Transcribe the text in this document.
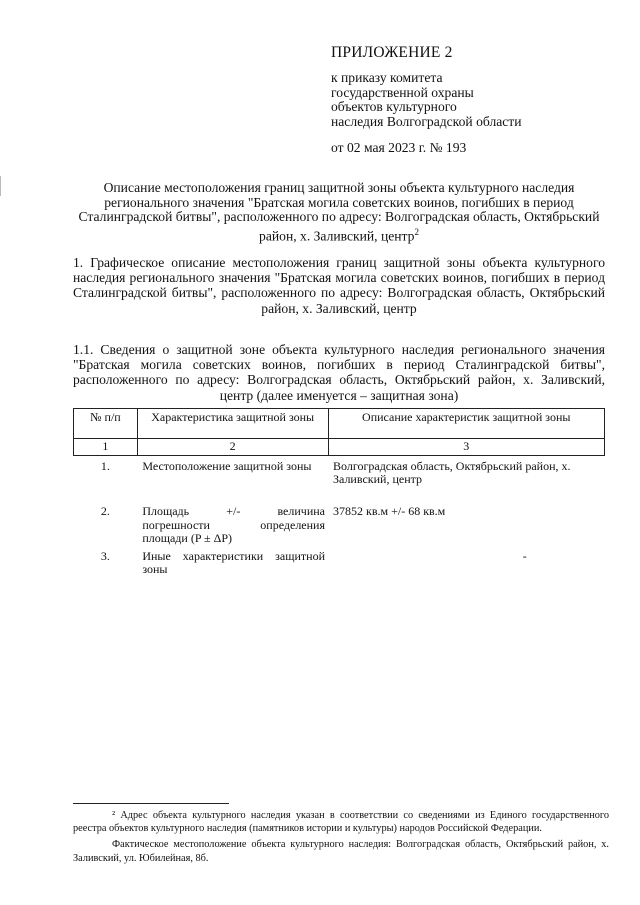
ПРИЛОЖЕНИЕ 2
к приказу комитета
государственной охраны
объектов культурного
наследия Волгоградской области
от 02 мая 2023 г. № 193
Описание местоположения границ защитной зоны объекта культурного наследия регионального значения "Братская могила советских воинов, погибших в период Сталинградской битвы", расположенного по адресу: Волгоградская область, Октябрьский район, х. Заливский, центр$^2$
1. Графическое описание местоположения границ защитной зоны объекта культурного наследия регионального значения "Братская могила советских воинов, погибших в период Сталинградской битвы", расположенного по адресу: Волгоградская область, Октябрьский район, х. Заливский, центр
1.1. Сведения о защитной зоне объекта культурного наследия регионального значения "Братская могила советских воинов, погибших в период Сталинградской битвы", расположенного по адресу: Волгоградская область, Октябрьский район, х. Заливский, центр (далее именуется – защитная зона)
№ п/п	Характеристика защитной зоны	Описание характеристик защитной зоны
1	2	3
1.	Местоположение защитной зоны	Волгоградская область, Октябрьский район, х. Заливский, центр
2.	Площадь +/- величина погрешности определения площади (P ± ΔP)	37852 кв.м +/- 68 кв.м
3.	Иные характеристики защитной зоны	-

² Адрес объекта культурного наследия указан в соответствии со сведениями из Единого государственного реестра объектов культурного наследия (памятников истории и культуры) народов Российской Федерации.

Фактическое местоположение объекта культурного наследия: Волгоградская область, Октябрьский район, х. Заливский, ул. Юбилейная, 8б.
